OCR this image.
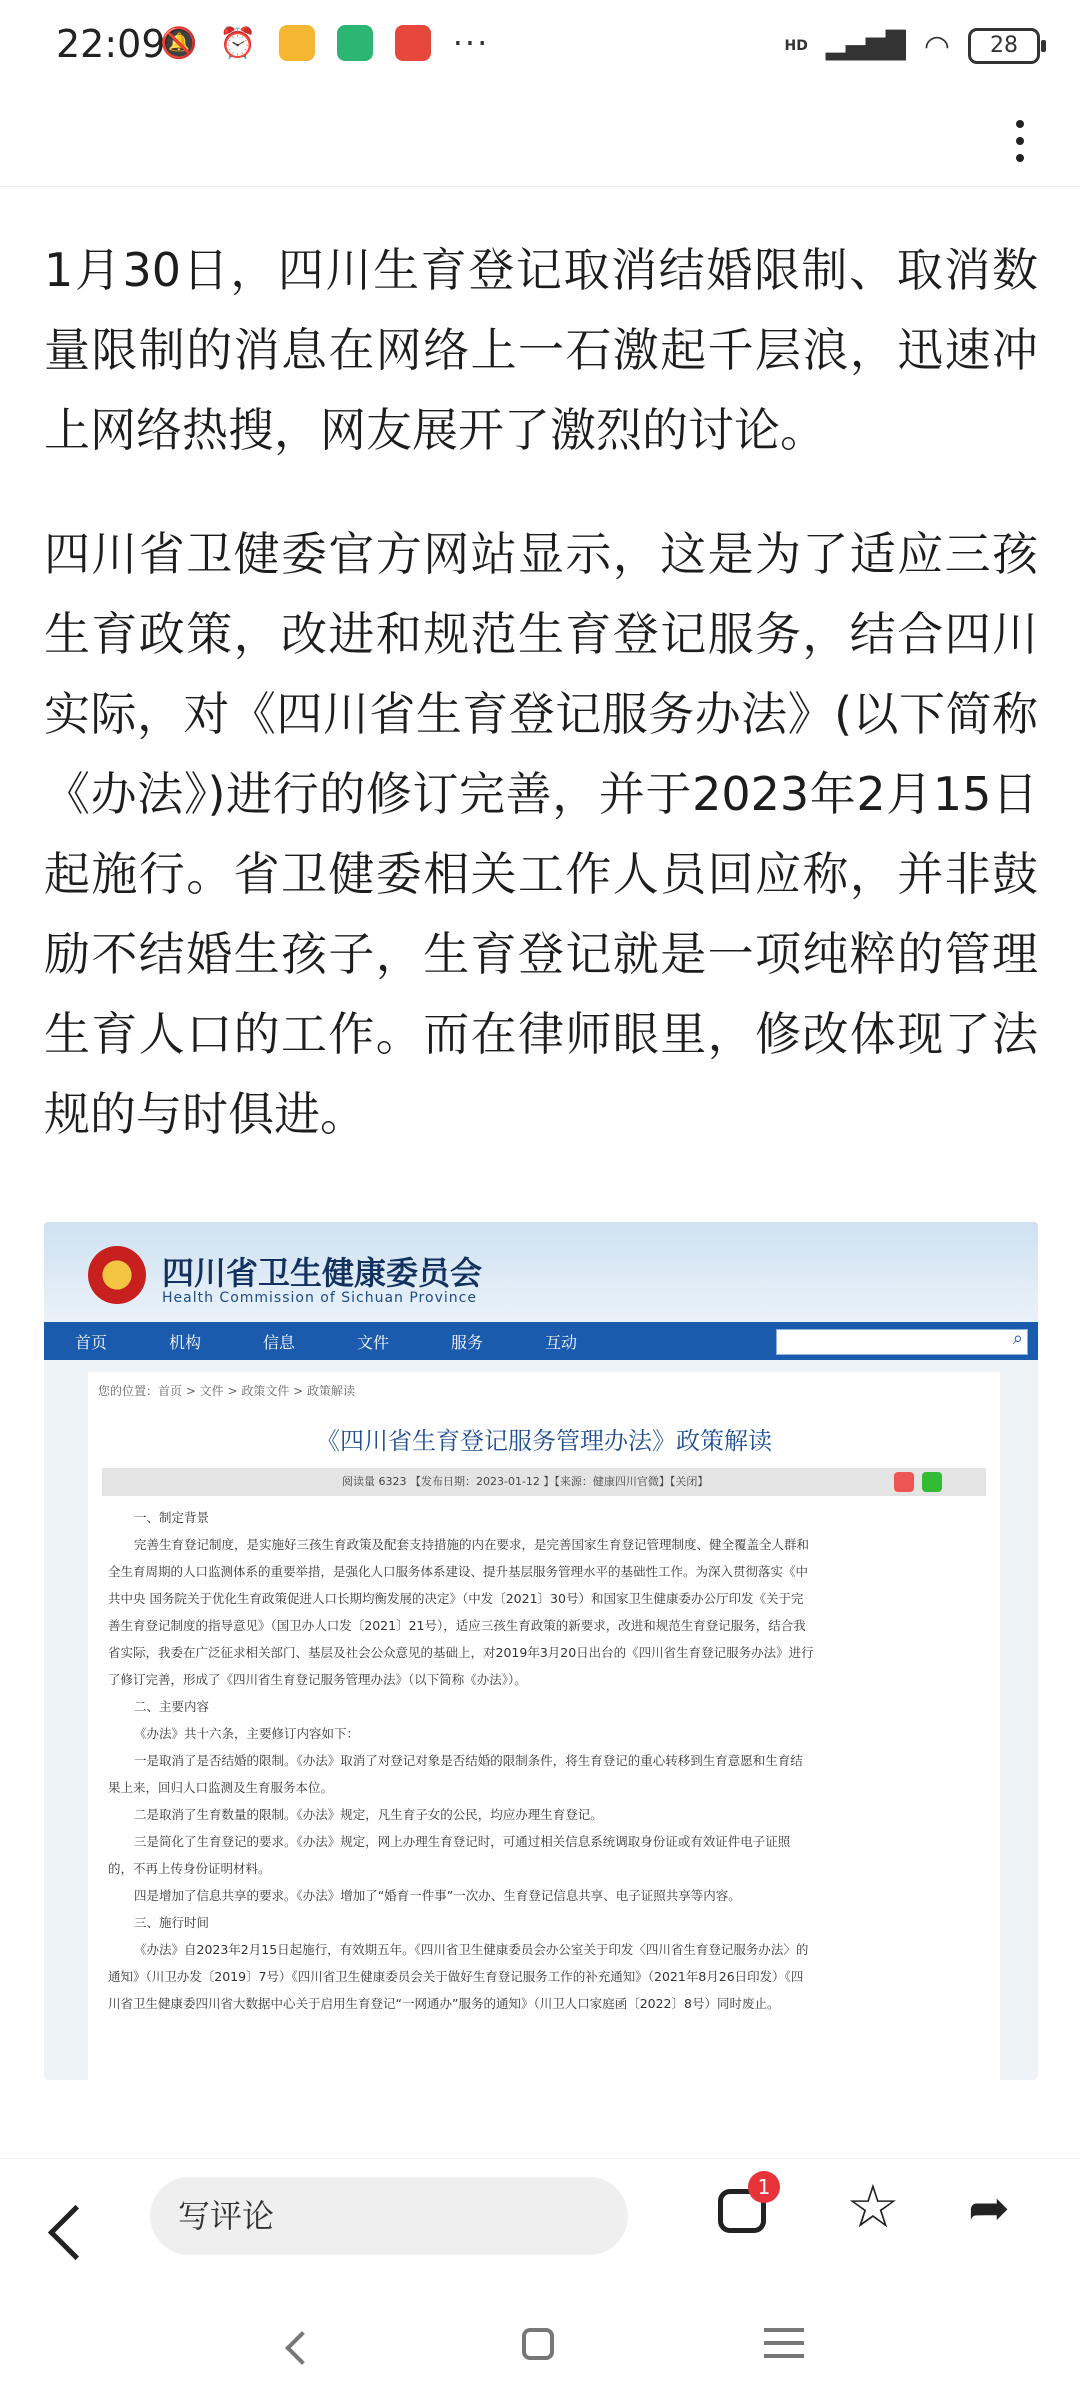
22:09
🔕 ⏰	···	HD ▂▄▆█ ◠	28

1月30日，四川生育登记取消结婚限制、取消数量限制的消息在网络上一石激起千层浪，迅速冲上网络热搜，网友展开了激烈的讨论。

四川省卫健委官方网站显示，这是为了适应三孩生育政策，改进和规范生育登记服务，结合四川实际，对《四川省生育登记服务办法》(以下简称《办法》)进行的修订完善，并于2023年2月15日起施行。省卫健委相关工作人员回应称，并非鼓励不结婚生孩子，生育登记就是一项纯粹的管理生育人口的工作。而在律师眼里，修改体现了法规的与时俱进。

四川省卫生健康委员会
Health Commission of Sichuan Province
首页	机构	信息	文件	服务	互动
⌕
您的位置：首页 > 文件 > 政策文件 > 政策解读
《四川省生育登记服务管理办法》政策解读
阅读量 6323 【发布日期：2023-01-12 】【来源：健康四川官微】【关闭】
一、制定背景
完善生育登记制度，是实施好三孩生育政策及配套支持措施的内在要求，是完善国家生育登记管理制度、健全覆盖全人群和
全生育周期的人口监测体系的重要举措，是强化人口服务体系建设、提升基层服务管理水平的基础性工作。为深入贯彻落实《中
共中央 国务院关于优化生育政策促进人口长期均衡发展的决定》（中发〔2021〕30号）和国家卫生健康委办公厅印发《关于完
善生育登记制度的指导意见》（国卫办人口发〔2021〕21号），适应三孩生育政策的新要求，改进和规范生育登记服务，结合我
省实际，我委在广泛征求相关部门、基层及社会公众意见的基础上，对2019年3月20日出台的《四川省生育登记服务办法》进行
了修订完善，形成了《四川省生育登记服务管理办法》（以下简称《办法》）。
二、主要内容
《办法》共十六条，主要修订内容如下：
一是取消了是否结婚的限制。《办法》取消了对登记对象是否结婚的限制条件，将生育登记的重心转移到生育意愿和生育结
果上来，回归人口监测及生育服务本位。
二是取消了生育数量的限制。《办法》规定，凡生育子女的公民，均应办理生育登记。
三是简化了生育登记的要求。《办法》规定，网上办理生育登记时，可通过相关信息系统调取身份证或有效证件电子证照
的，不再上传身份证明材料。
四是增加了信息共享的要求。《办法》增加了“婚育一件事”一次办、生育登记信息共享、电子证照共享等内容。
三、施行时间
《办法》自2023年2月15日起施行，有效期五年。《四川省卫生健康委员会办公室关于印发〈四川省生育登记服务办法〉的
通知》（川卫办发〔2019〕7号）《四川省卫生健康委员会关于做好生育登记服务工作的补充通知》（2021年8月26日印发）《四
川省卫生健康委四川省大数据中心关于启用生育登记“一网通办”服务的通知》（川卫人口家庭函〔2022〕8号）同时废止。
写评论
1 ☆ ➦
